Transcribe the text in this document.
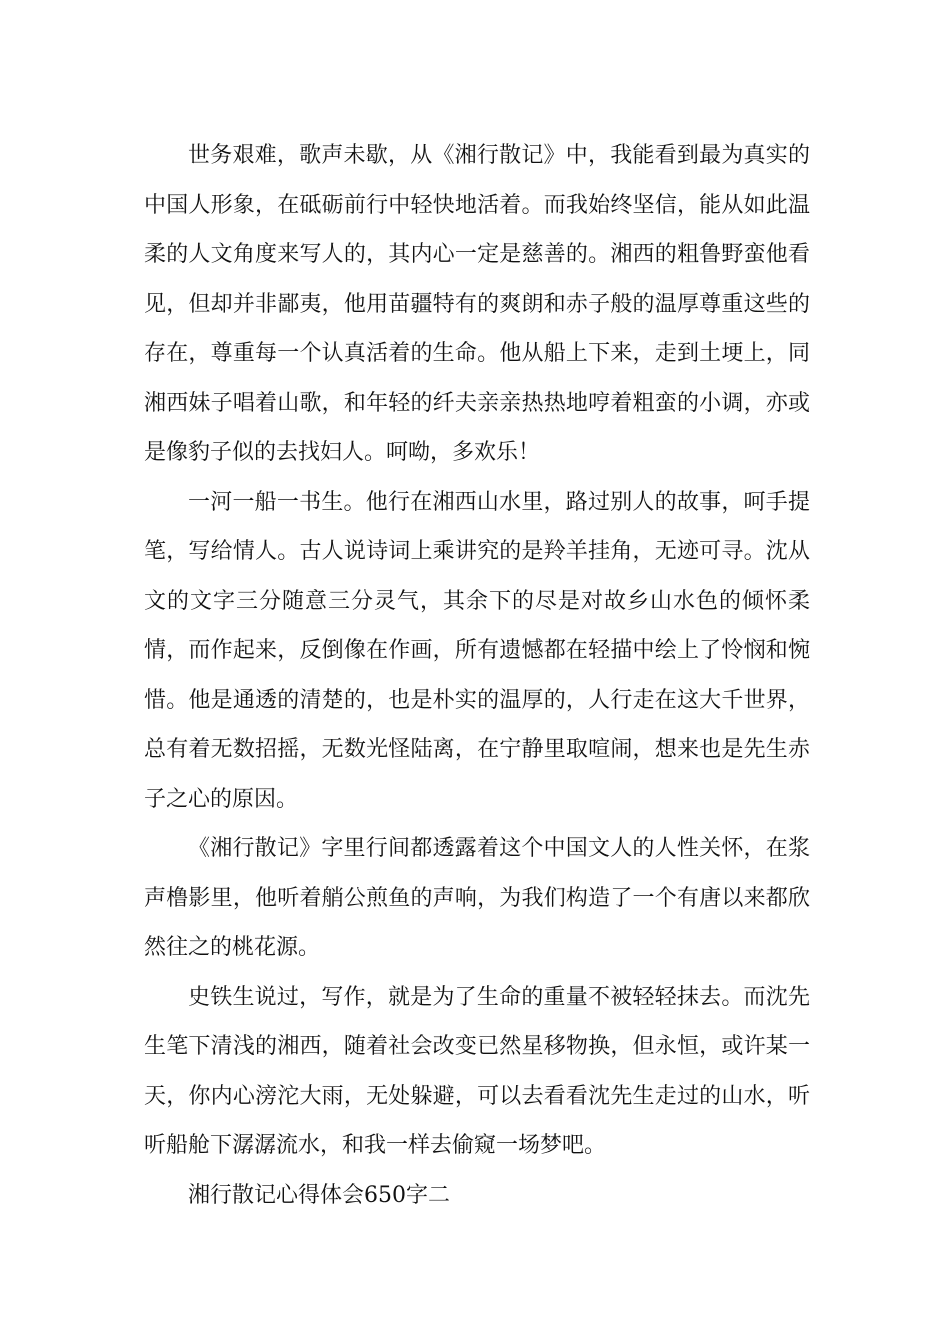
世务艰难，歌声未歇，从《湘行散记》中，我能看到最为真实的中国人形象，在砥砺前行中轻快地活着。而我始终坚信，能从如此温柔的人文角度来写人的，其内心一定是慈善的。湘西的粗鲁野蛮他看见，但却并非鄙夷，他用苗疆特有的爽朗和赤子般的温厚尊重这些的存在，尊重每一个认真活着的生命。他从船上下来，走到土埂上，同湘西妹子唱着山歌，和年轻的纤夫亲亲热热地哼着粗蛮的小调，亦或是像豹子似的去找妇人。呵呦，多欢乐！

一河一船一书生。他行在湘西山水里，路过别人的故事，呵手提笔，写给情人。古人说诗词上乘讲究的是羚羊挂角，无迹可寻。沈从文的文字三分随意三分灵气，其余下的尽是对故乡山水色的倾怀柔情，而作起来，反倒像在作画，所有遗憾都在轻描中绘上了怜悯和惋惜。他是通透的清楚的，也是朴实的温厚的，人行走在这大千世界，总有着无数招摇，无数光怪陆离，在宁静里取喧闹，想来也是先生赤子之心的原因。

《湘行散记》字里行间都透露着这个中国文人的人性关怀，在浆声橹影里，他听着艄公煎鱼的声响，为我们构造了一个有唐以来都欣然往之的桃花源。

史铁生说过，写作，就是为了生命的重量不被轻轻抹去。而沈先生笔下清浅的湘西，随着社会改变已然星移物换，但永恒，或许某一天，你内心滂沱大雨，无处躲避，可以去看看沈先生走过的山水，听听船舱下潺潺流水，和我一样去偷窥一场梦吧。

湘行散记心得体会650字二
